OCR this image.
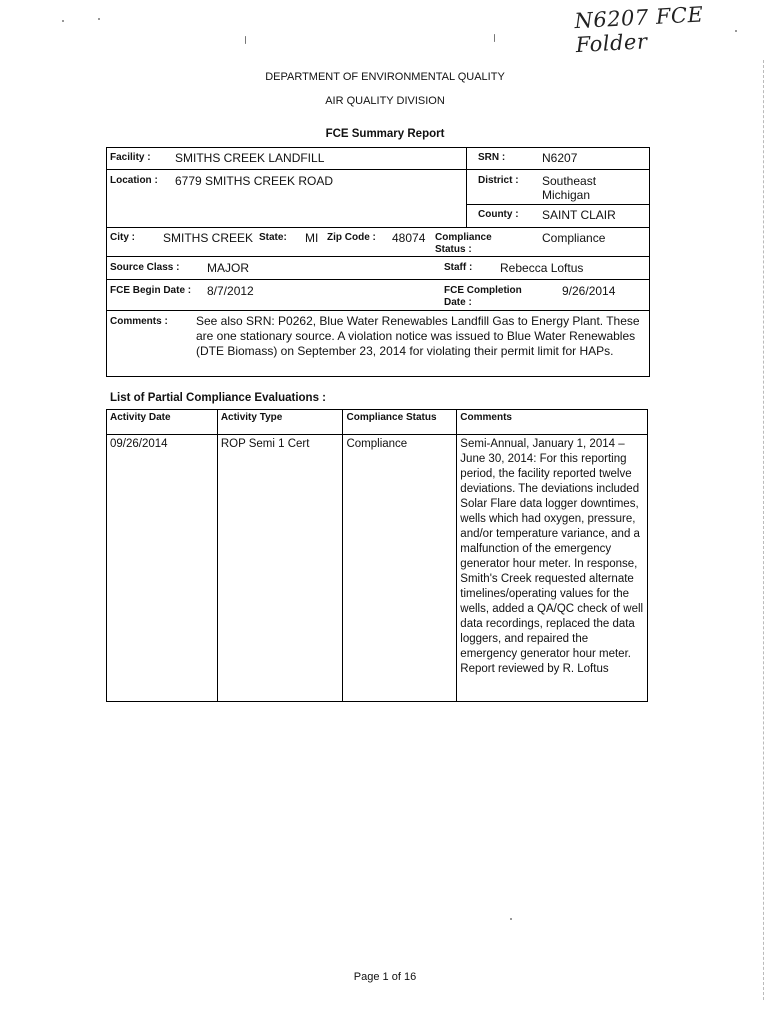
N6207 FCE Folder
DEPARTMENT OF ENVIRONMENTAL QUALITY
AIR QUALITY DIVISION
FCE Summary Report
Facility : SMITHS CREEK LANDFILL	SRN :	N6207
Location : 6779 SMITHS CREEK ROAD	District : Southeast Michigan
County : SAINT CLAIR
City : SMITHS CREEK State: MI Zip Code : 48074 Compliance Status :
Compliance
Source Class : MAJOR	Staff : Rebecca Loftus
FCE Begin Date : 8/7/2012	FCE Completion Date :
9/26/2014
Comments : See also SRN: P0262, Blue Water Renewables Landfill Gas to Energy Plant. These are one stationary source. A violation notice was issued to Blue Water Renewables (DTE Biomass) on September 23, 2014 for violating their permit limit for HAPs.
List of Partial Compliance Evaluations :
Activity Date	Activity Type	Compliance Status	Comments
09/26/2014	ROP Semi 1 Cert	Compliance	Semi-Annual, January 1, 2014 – June 30, 2014: For this reporting period, the facility reported twelve deviations. The deviations included Solar Flare data logger downtimes, wells which had oxygen, pressure, and/or temperature variance, and a malfunction of the emergency generator hour meter. In response, Smith's Creek requested alternate timelines/operating values for the wells, added a QA/QC check of well data recordings, replaced the data loggers, and repaired the emergency generator hour meter. Report reviewed by R. Loftus
Page 1 of 16
